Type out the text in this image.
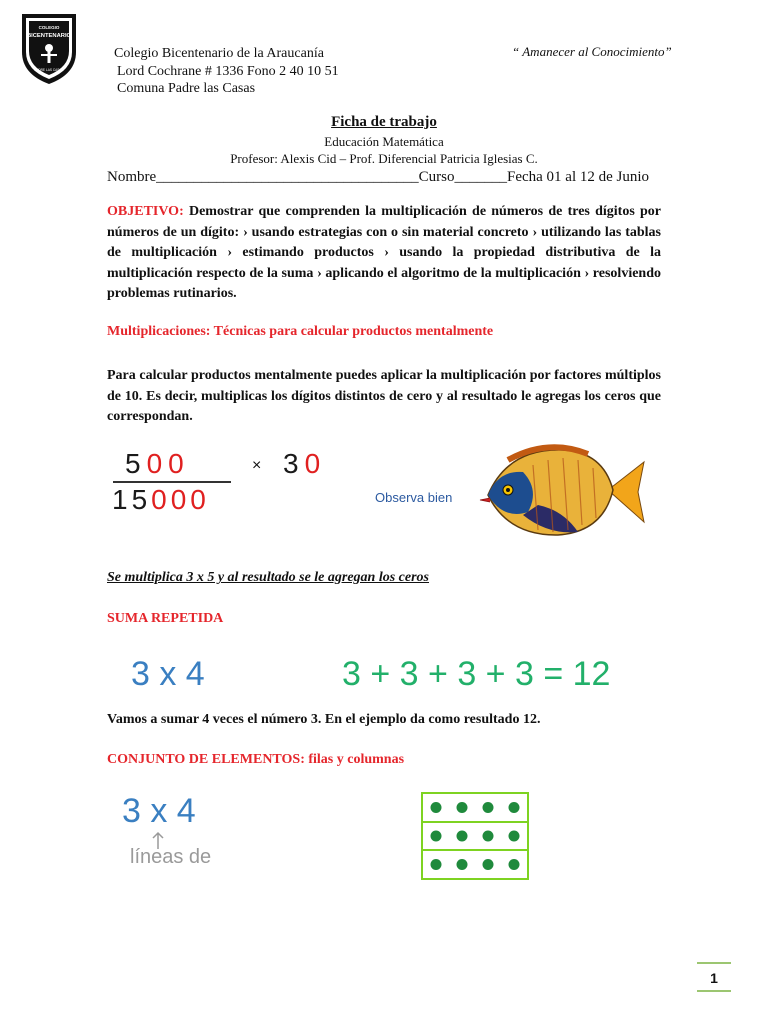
COLEGIO
BICENTENARIO
PADRE LAS CASAS
Colegio Bicentenario de la Araucanía
Lord Cochrane # 1336 Fono 2 40 10 51
Comuna Padre las Casas
“ Amanecer al Conocimiento”
Ficha de trabajo
Educación Matemática
Profesor: Alexis Cid – Prof. Diferencial Patricia Iglesias C.
Nombre___________________________________Curso_______Fecha 01 al 12 de Junio
OBJETIVO: Demostrar que comprenden la multiplicación de números de tres dígitos por números de un dígito: › usando estrategias con o sin material concreto › utilizando las tablas de multiplicación › estimando productos › usando la propiedad distributiva de la multiplicación respecto de la suma › aplicando el algoritmo de la multiplicación › resolviendo problemas rutinarios.
Multiplicaciones: Técnicas para calcular productos mentalmente
Para calcular productos mentalmente puedes aplicar la multiplicación por factores múltiplos de 10. Es decir, multiplicas los dígitos distintos de cero y al resultado le agregas los ceros que correspondan.
500
15000
× 30
Observa bien
Se multiplica 3 x 5 y al resultado se le agregan los ceros
SUMA REPETIDA
3 x 4	3 + 3 + 3 + 3 = 12
Vamos a sumar 4 veces el número 3. En el ejemplo da como resultado 12.
CONJUNTO DE ELEMENTOS: filas y columnas
3 x 4
líneas de
1
